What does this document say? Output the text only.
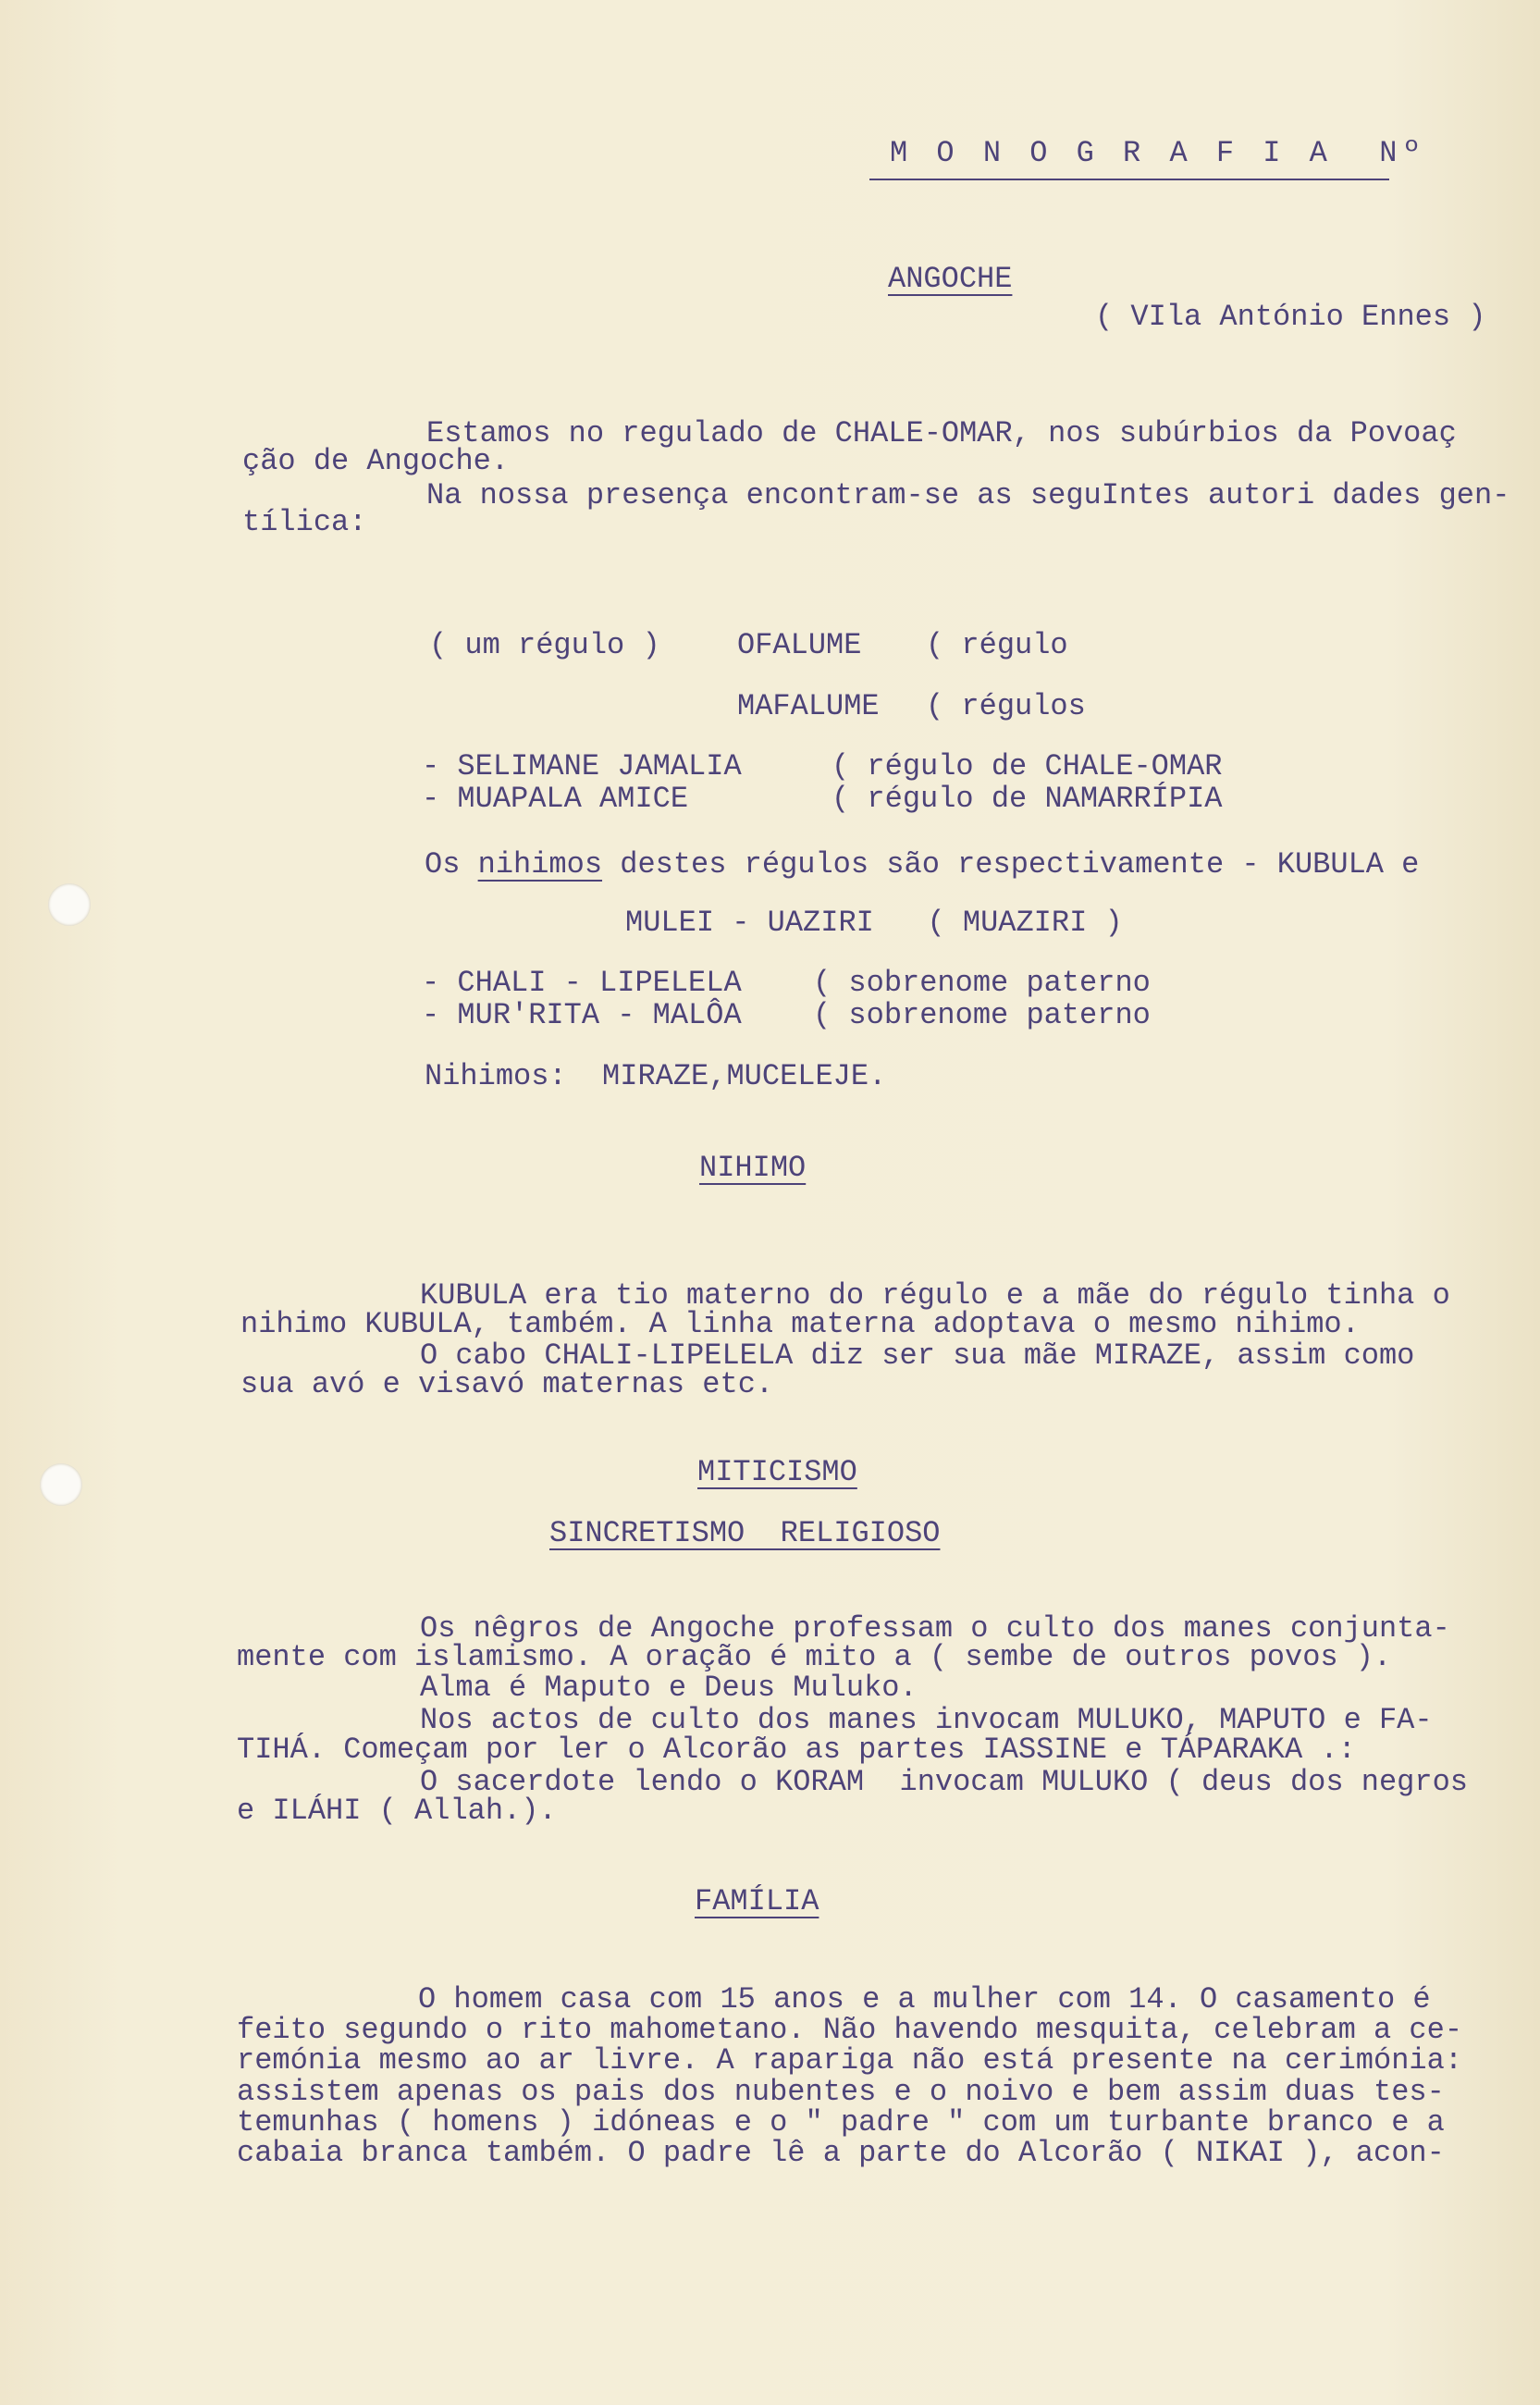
M O N O G R A F I A  Nº
ANGOCHE
( VIla António Ennes )
Estamos no regulado de CHALE-OMAR, nos subúrbios da Povoaç
ção de Angoche.
Na nossa presença encontram-se as seguIntes autori dades gen-
tílica:
( um régulo )	OFALUME ( régulo
MAFALUME ( régulos
- SELIMANE JAMALIA	( régulo de CHALE-OMAR
- MUAPALA AMICE	( régulo de NAMARRÍPIA
Os nihimos destes régulos são respectivamente - KUBULA e
MULEI - UAZIRI   ( MUAZIRI )
- CHALI - LIPELELA ( sobrenome paterno
- MUR'RITA - MALÔA ( sobrenome paterno
Nihimos:  MIRAZE,MUCELEJE.
NIHIMO
KUBULA era tio materno do régulo e a mãe do régulo tinha o
nihimo KUBULA, também. A linha materna adoptava o mesmo nihimo.
O cabo CHALI-LIPELELA diz ser sua mãe MIRAZE, assim como
sua avó e visavó maternas etc.
MITICISMO
SINCRETISMO  RELIGIOSO
Os nêgros de Angoche professam o culto dos manes conjunta-
mente com islamismo. A oração é mito a ( sembe de outros povos ).
Alma é Maputo e Deus Muluko.
Nos actos de culto dos manes invocam MULUKO, MAPUTO e FA-
TIHÁ. Começam por ler o Alcorão as partes IASSINE e TÁPARAKA .:
O sacerdote lendo o KORAM  invocam MULUKO ( deus dos negros
e ILÁHI ( Allah.).
FAMÍLIA
O homem casa com 15 anos e a mulher com 14. O casamento é
feito segundo o rito mahometano. Não havendo mesquita, celebram a ce-
remónia mesmo ao ar livre. A rapariga não está presente na cerimónia:
assistem apenas os pais dos nubentes e o noivo e bem assim duas tes-
temunhas ( homens ) idóneas e o " padre " com um turbante branco e a
cabaia branca também. O padre lê a parte do Alcorão ( NIKAI ), acon-
